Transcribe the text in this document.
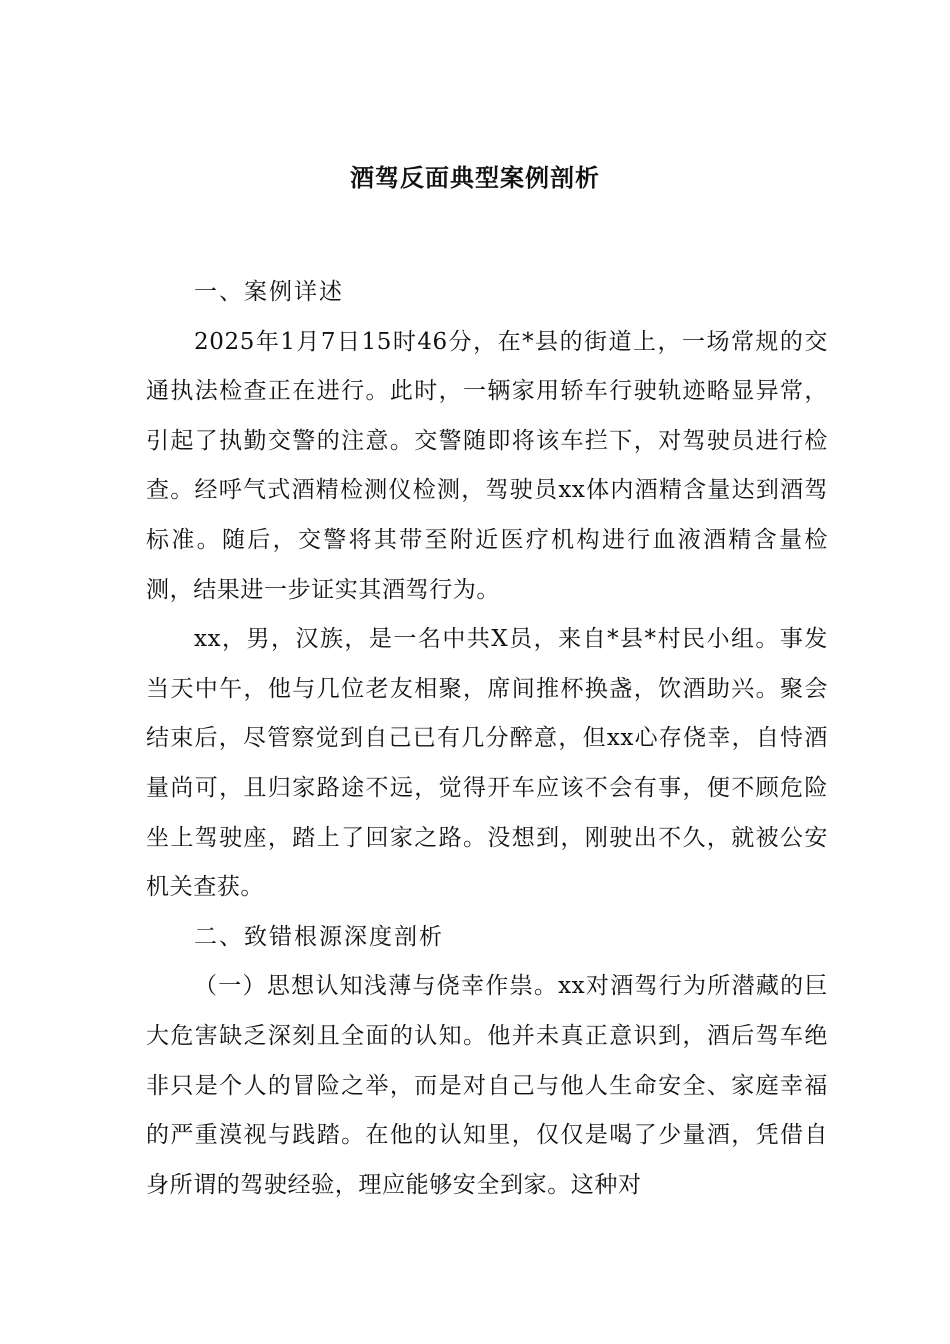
酒驾反面典型案例剖析

一、案例详述

2025年1月7日15时46分，在*县的街道上，一场常规的交通执法检查正在进行。此时，一辆家用轿车行驶轨迹略显异常，引起了执勤交警的注意。交警随即将该车拦下，对驾驶员进行检查。经呼气式酒精检测仪检测，驾驶员xx体内酒精含量达到酒驾标准。随后，交警将其带至附近医疗机构进行血液酒精含量检测，结果进一步证实其酒驾行为。

xx，男，汉族，是一名中共X员，来自*县*村民小组。事发当天中午，他与几位老友相聚，席间推杯换盏，饮酒助兴。聚会结束后，尽管察觉到自己已有几分醉意，但xx心存侥幸，自恃酒量尚可，且归家路途不远，觉得开车应该不会有事，便不顾危险坐上驾驶座，踏上了回家之路。没想到，刚驶出不久，就被公安机关查获。

二、致错根源深度剖析

（一）思想认知浅薄与侥幸作祟。xx对酒驾行为所潜藏的巨大危害缺乏深刻且全面的认知。他并未真正意识到，酒后驾车绝非只是个人的冒险之举，而是对自己与他人生命安全、家庭幸福的严重漠视与践踏。在他的认知里，仅仅是喝了少量酒，凭借自身所谓的驾驶经验，理应能够安全到家。这种对
